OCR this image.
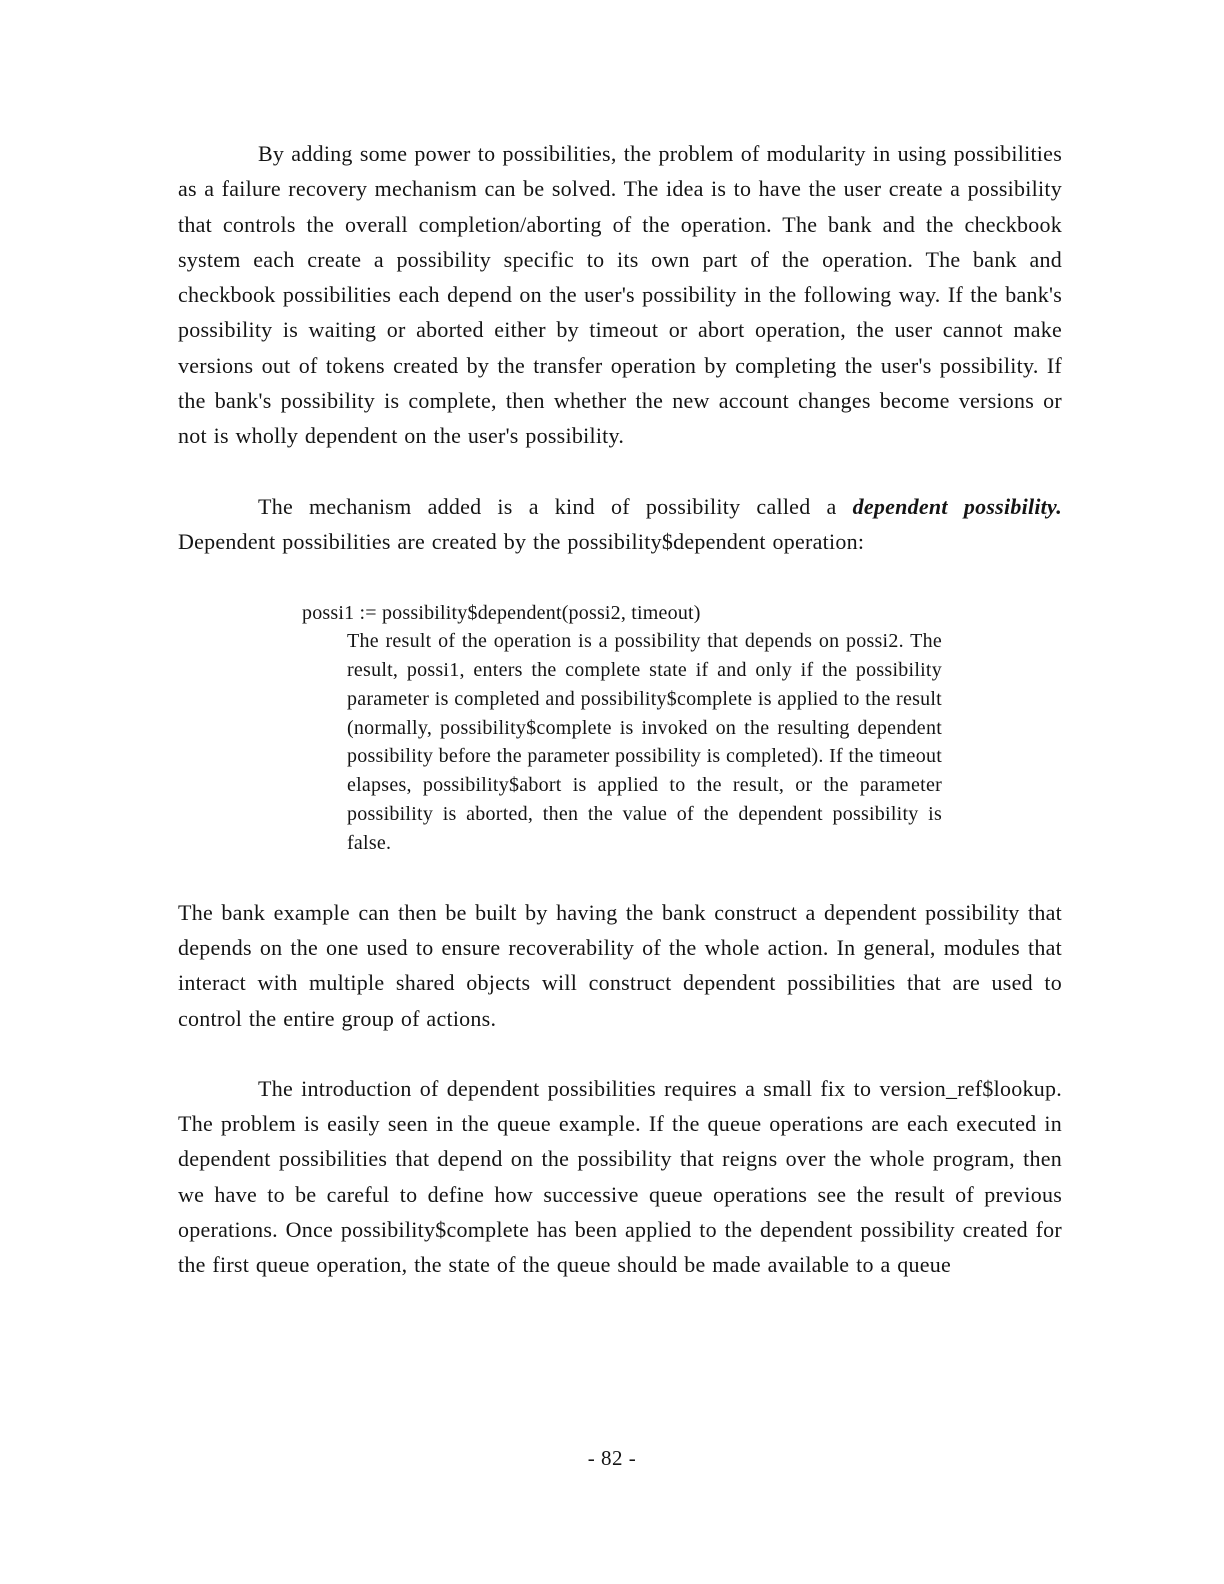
By adding some power to possibilities, the problem of modularity in using possibilities as a failure recovery mechanism can be solved. The idea is to have the user create a possibility that controls the overall completion/aborting of the operation. The bank and the checkbook system each create a possibility specific to its own part of the operation. The bank and checkbook possibilities each depend on the user's possibility in the following way. If the bank's possibility is waiting or aborted either by timeout or abort operation, the user cannot make versions out of tokens created by the transfer operation by completing the user's possibility. If the bank's possibility is complete, then whether the new account changes become versions or not is wholly dependent on the user's possibility.

The mechanism added is a kind of possibility called a dependent possibility. Dependent possibilities are created by the possibility$dependent operation:

possi1 := possibility$dependent(possi2, timeout)
The result of the operation is a possibility that depends on possi2. The result, possi1, enters the complete state if and only if the possibility parameter is completed and possibility$complete is applied to the result (normally, possibility$complete is invoked on the resulting dependent possibility before the parameter possibility is completed). If the timeout elapses, possibility$abort is applied to the result, or the parameter possibility is aborted, then the value of the dependent possibility is false.

The bank example can then be built by having the bank construct a dependent possibility that depends on the one used to ensure recoverability of the whole action. In general, modules that interact with multiple shared objects will construct dependent possibilities that are used to control the entire group of actions.

The introduction of dependent possibilities requires a small fix to version_ref$lookup. The problem is easily seen in the queue example. If the queue operations are each executed in dependent possibilities that depend on the possibility that reigns over the whole program, then we have to be careful to define how successive queue operations see the result of previous operations. Once possibility$complete has been applied to the dependent possibility created for the first queue operation, the state of the queue should be made available to a queue

- 82 -
